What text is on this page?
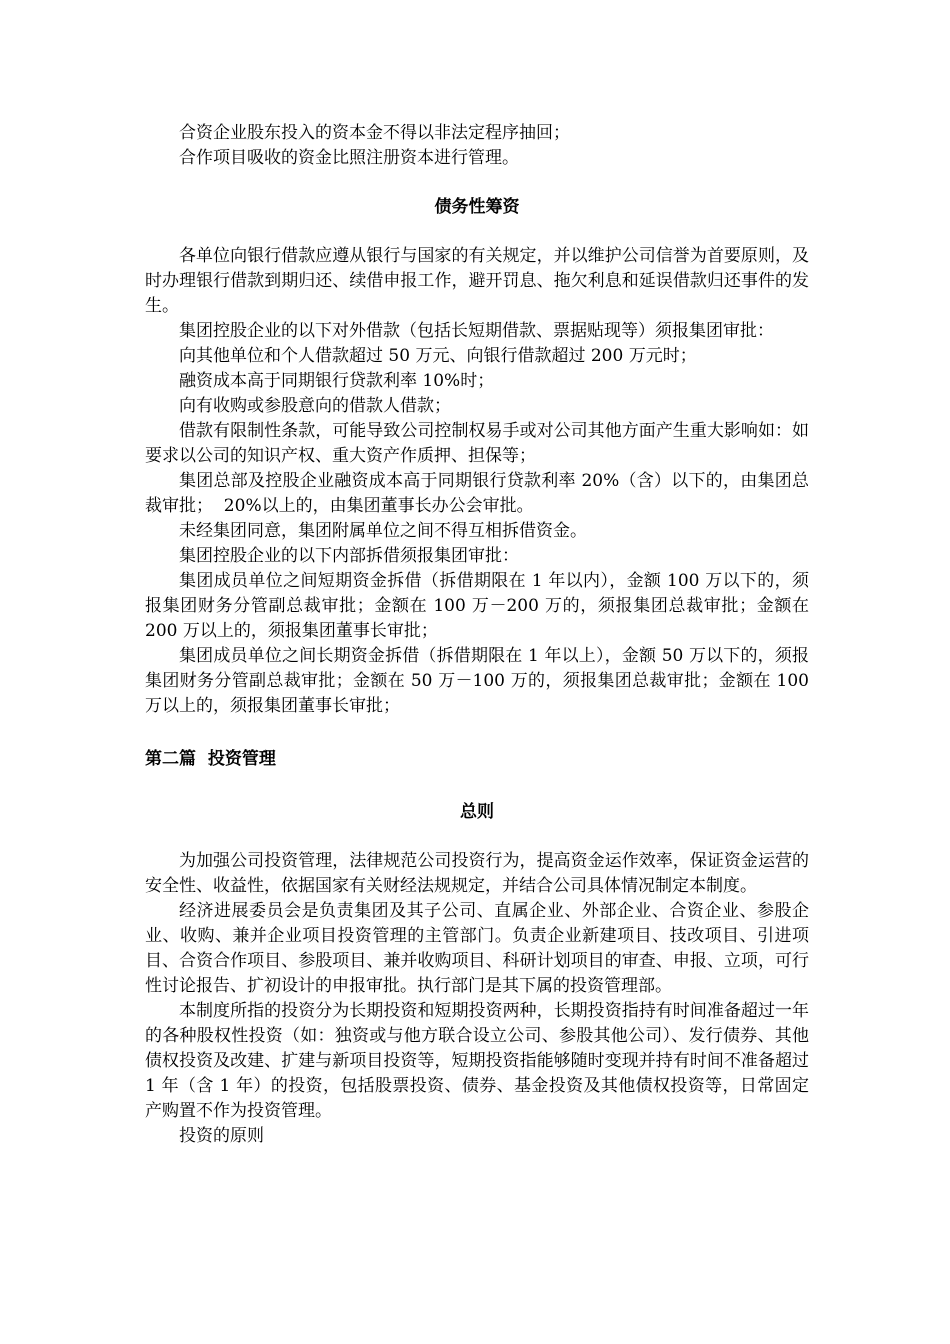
合资企业股东投入的资本金不得以非法定程序抽回；

合作项目吸收的资金比照注册资本进行管理。

债务性筹资

各单位向银行借款应遵从银行与国家的有关规定，并以维护公司信誉为首要原则，及时办理银行借款到期归还、续借申报工作，避开罚息、拖欠利息和延误借款归还事件的发生。

集团控股企业的以下对外借款（包括长短期借款、票据贴现等）须报集团审批：

向其他单位和个人借款超过 50 万元、向银行借款超过 200 万元时；

融资成本高于同期银行贷款利率 10%时；

向有收购或参股意向的借款人借款；

借款有限制性条款，可能导致公司控制权易手或对公司其他方面产生重大影响如：如要求以公司的知识产权、重大资产作质押、担保等；

集团总部及控股企业融资成本高于同期银行贷款利率 20%（含）以下的，由集团总裁审批；  20%以上的，由集团董事长办公会审批。

未经集团同意，集团附属单位之间不得互相拆借资金。

集团控股企业的以下内部拆借须报集团审批：

集团成员单位之间短期资金拆借（拆借期限在 1 年以内），金额 100 万以下的，须报集团财务分管副总裁审批；金额在 100 万－200 万的，须报集团总裁审批；金额在 200 万以上的，须报集团董事长审批；

集团成员单位之间长期资金拆借（拆借期限在 1 年以上），金额 50 万以下的，须报集团财务分管副总裁审批；金额在 50 万－100 万的，须报集团总裁审批；金额在 100 万以上的，须报集团董事长审批；

第二篇  投资管理

总则

为加强公司投资管理，法律规范公司投资行为，提高资金运作效率，保证资金运营的安全性、收益性，依据国家有关财经法规规定，并结合公司具体情况制定本制度。

经济进展委员会是负责集团及其子公司、直属企业、外部企业、合资企业、参股企业、收购、兼并企业项目投资管理的主管部门。负责企业新建项目、技改项目、引进项目、合资合作项目、参股项目、兼并收购项目、科研计划项目的审查、申报、立项，可行性讨论报告、扩初设计的申报审批。执行部门是其下属的投资管理部。

本制度所指的投资分为长期投资和短期投资两种，长期投资指持有时间准备超过一年的各种股权性投资（如：独资或与他方联合设立公司、参股其他公司）、发行债券、其他债权投资及改建、扩建与新项目投资等，短期投资指能够随时变现并持有时间不准备超过 1 年（含 1 年）的投资，包括股票投资、债券、基金投资及其他债权投资等，日常固定产购置不作为投资管理。

投资的原则
